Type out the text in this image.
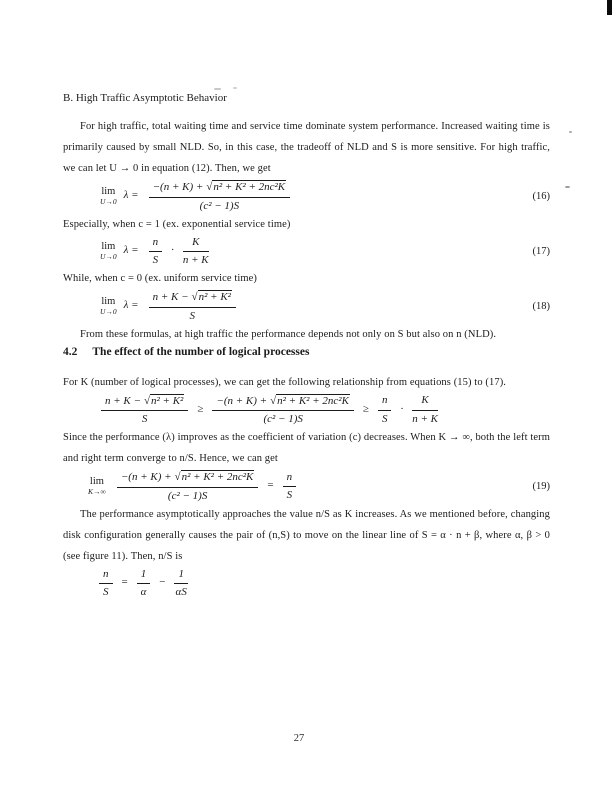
B. High Traffic Asymptotic Behavior

For high traffic, total waiting time and service time dominate system performance. Increased waiting time is primarily caused by small NLD. So, in this case, the tradeoff of NLD and S is more sensitive. For high traffic, we can let U → 0 in equation (12). Then, we get

lim
U→0
$\lambda = \frac{\text{−(n + K) + √ n² + K² + 2nc²K}}{\text{(c² − 1)S}}$	(16)

Especially, when c = 1 (ex. exponential service time)

lim
U→0
$\lambda = \frac{n}{S} \cdot \frac{K}{n + K}$	(17)

While, when c = 0 (ex. uniform service time)

lim
U→0
$\lambda = \frac{\text{n + K − √ n² + K²}}{S}$	(18)

From these formulas, at high traffic the performance depends not only on S but also on n (NLD).

4.2 The effect of the number of logical processes

For K (number of logical processes), we can get the following relationship from equations (15) to (17).

$\frac{\text{n + K − √ n² + K²}}{S} \ge \frac{\text{−(n + K) + √ n² + K² + 2nc²K}}{\text{(c² − 1)S}} \ge \frac{n}{S} \cdot \frac{K}{n + K}$

Since the performance (λ) improves as the coefficient of variation (c) decreases. When K → ∞, both the left term and right term converge to n/S. Hence, we can get

lim
$K\to\infty \frac{\text{−(n + K) + √ n² + K² + 2nc²K}}{\text{(c² − 1)S}} = \frac{n}{S}$	(19)

The performance asymptotically approaches the value n/S as K increases. As we mentioned before, changing disk configuration generally causes the pair of (n,S) to move on the linear line of S = α · n + β, where α, β > 0 (see figure 11). Then, n/S is

$\frac{n}{S} = \frac{1}{\alpha} - \frac{1}{\alpha S}$
27
